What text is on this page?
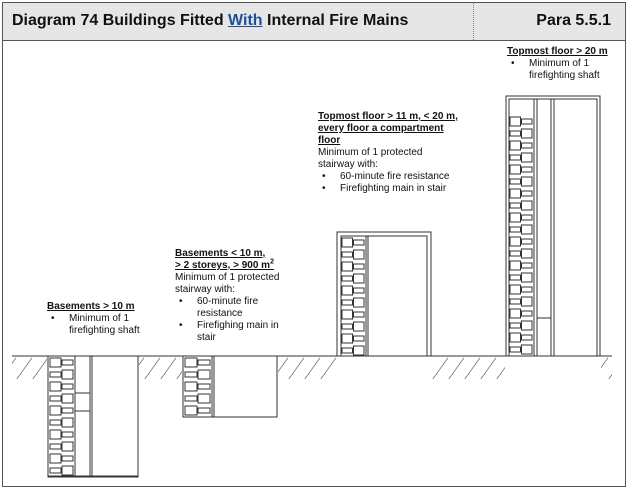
Diagram 74 Buildings Fitted With Internal Fire Mains	Para 5.5.1
Basements > 10 m
• Minimum of 1 firefighting shaft
Basements < 10 m,
> 2 storeys, > 900 $m^2$
Minimum of 1 protected
stairway with:
• 60-minute fire resistance
• Firefighing main in stair
Topmost floor > 11 m, < 20 m,
every floor a compartment
floor
Minimum of 1 protected
stairway with:
• 60-minute fire resistance
• Firefighting main in stair
Topmost floor > 20 m
• Minimum of 1 firefighting shaft
